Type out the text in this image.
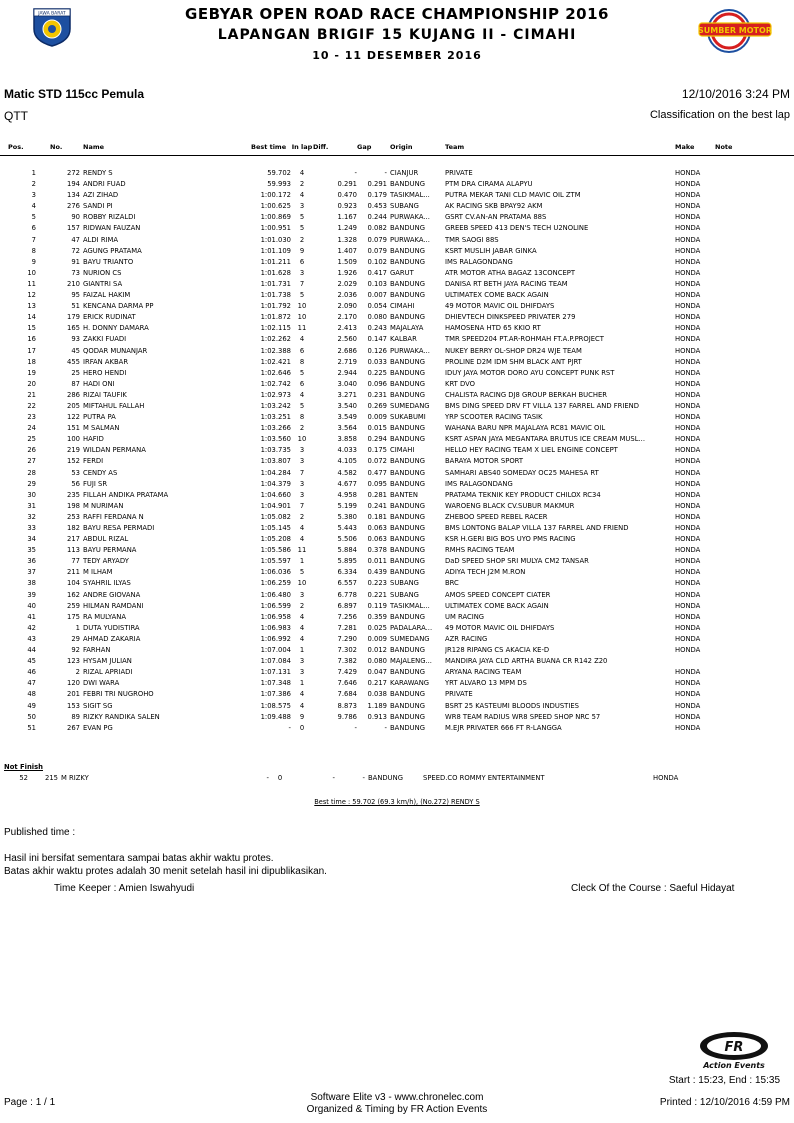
JAWA BARAT	GEBYAR OPEN ROAD RACE CHAMPIONSHIP 2016
LAPANGAN BRIGIF 15 KUJANG II - CIMAHI
10 - 11 DESEMBER 2016
SUMBER MOTOR
Matic STD 115cc Pemula	12/10/2016 3:24 PM
QTT	Classification on the best lap
Pos.	No.	Name	Best time	In lap	Diff.	Gap	Origin	Team	Make	Note

1	272	RENDY S	59.702	4	-	-	CIANJUR	PRIVATE	HONDA	
2	194	ANDRI FUAD	59.993	2	0.291	0.291	BANDUNG	PTM DRA CIRAMA ALAPYU	HONDA	
3	134	AZI ZIHAD	1:00.172	4	0.470	0.179	TASIKMAL...	PUTRA MEKAR TANI CLD MAVIC OIL ZTM	HONDA	
4	276	SANDI PI	1:00.625	3	0.923	0.453	SUBANG	AK RACING SKB BPAY92 AKM	HONDA	
5	90	ROBBY RIZALDI	1:00.869	5	1.167	0.244	PURWAKA...	GSRT CV.AN-AN PRATAMA 88S	HONDA	
6	157	RIDWAN FAUZAN	1:00.951	5	1.249	0.082	BANDUNG	GREEB SPEED 413 DEN'S TECH U2NOLINE	HONDA	
7	47	ALDI RIMA	1:01.030	2	1.328	0.079	PURWAKA...	TMR SAOGI 88S	HONDA	
8	72	AGUNG PRATAMA	1:01.109	9	1.407	0.079	BANDUNG	KSRT MUSLIH JABAR GINKA	HONDA	
9	91	BAYU TRIANTO	1:01.211	6	1.509	0.102	BANDUNG	IMS RALAGONDANG	HONDA	
10	73	NURION CS	1:01.628	3	1.926	0.417	GARUT	ATR MOTOR ATHA BAGAZ 13CONCEPT	HONDA	
11	210	GIANTRI SA	1:01.731	7	2.029	0.103	BANDUNG	DANISA RT BETH JAYA RACING TEAM	HONDA	
12	95	FAIZAL HAKIM	1:01.738	5	2.036	0.007	BANDUNG	ULTIMATEX COME BACK AGAIN	HONDA	
13	51	KENCANA DARMA PP	1:01.792	10	2.090	0.054	CIMAHI	49 MOTOR MAVIC OIL DHIFDAYS	HONDA	
14	179	ERICK RUDINAT	1:01.872	10	2.170	0.080	BANDUNG	DHIEVTECH DINKSPEED PRIVATER 279	HONDA	
15	165	H. DONNY DAMARA	1:02.115	11	2.413	0.243	MAJALAYA	HAMOSENA HTD 65 KKIO RT	HONDA	
16	93	ZAKKI FUADI	1:02.262	4	2.560	0.147	KALBAR	TMR SPEED204 PT.AR-ROHMAH FT.A.P.PROJECT	HONDA	
17	45	QODAR MUNANJAR	1:02.388	6	2.686	0.126	PURWAKA...	NUKEY BERRY OL-SHOP DR24 WJE TEAM	HONDA	
18	455	IRFAN AKBAR	1:02.421	8	2.719	0.033	BANDUNG	PROLINE D2M IDM SHM BLACK ANT PJRT	HONDA	
19	25	HERO HENDI	1:02.646	5	2.944	0.225	BANDUNG	IDUY JAYA MOTOR DORO AYU CONCEPT PUNK RST	HONDA	
20	87	HADI ONI	1:02.742	6	3.040	0.096	BANDUNG	KRT DVO	HONDA	
21	286	RIZAI TAUFIK	1:02.973	4	3.271	0.231	BANDUNG	CHALISTA RACING DJ8 GROUP BERKAH BUCHER	HONDA	
22	205	MIFTAHUL FALLAH	1:03.242	5	3.540	0.269	SUMEDANG	BMS DING SPEED DRV FT VILLA 137 FARREL AND FRIEND	HONDA	
23	122	PUTRA PA	1:03.251	8	3.549	0.009	SUKABUMI	YRP SCOOTER RACING TASIK	HONDA	
24	151	M SALMAN	1:03.266	2	3.564	0.015	BANDUNG	WAHANA BARU NPR MAJALAYA RC81 MAVIC OIL	HONDA	
25	100	HAFID	1:03.560	10	3.858	0.294	BANDUNG	KSRT ASPAN JAYA MEGANTARA BRUTUS ICE CREAM MUSL...	HONDA	
26	219	WILDAN PERMANA	1:03.735	3	4.033	0.175	CIMAHI	HELLO HEY RACING TEAM X LIEL ENGINE CONCEPT	HONDA	
27	152	FERDI	1:03.807	3	4.105	0.072	BANDUNG	BARAYA MOTOR SPORT	HONDA	
28	53	CENDY AS	1:04.284	7	4.582	0.477	BANDUNG	SAMHARI ABS40 SOMEDAY OC25 MAHESA RT	HONDA	
29	56	FUJI SR	1:04.379	3	4.677	0.095	BANDUNG	IMS RALAGONDANG	HONDA	
30	235	FILLAH ANDIKA PRATAMA	1:04.660	3	4.958	0.281	BANTEN	PRATAMA TEKNIK KEY PRODUCT CHILOX RC34	HONDA	
31	198	M NURIMAN	1:04.901	7	5.199	0.241	BANDUNG	WAROENG BLACK CV.SUBUR MAKMUR	HONDA	
32	253	RAFFI FERDANA N	1:05.082	2	5.380	0.181	BANDUNG	ZHEBOO SPEED REBEL RACER	HONDA	
33	182	BAYU RESA PERMADI	1:05.145	4	5.443	0.063	BANDUNG	BMS LONTONG BALAP VILLA 137 FARREL AND FRIEND	HONDA	
34	217	ABDUL RIZAL	1:05.208	4	5.506	0.063	BANDUNG	KSR H.GERI BIG BOS UYO PMS RACING	HONDA	
35	113	BAYU PERMANA	1:05.586	11	5.884	0.378	BANDUNG	RMHS RACING TEAM	HONDA	
36	77	TEDY ARYADY	1:05.597	1	5.895	0.011	BANDUNG	DaD SPEED SHOP SRI MULYA CM2 TANSAR	HONDA	
37	211	M ILHAM	1:06.036	5	6.334	0.439	BANDUNG	ADIYA TECH J2M M.RON	HONDA	
38	104	SYAHRIL ILYAS	1:06.259	10	6.557	0.223	SUBANG	BRC	HONDA	
39	162	ANDRE GIOVANA	1:06.480	3	6.778	0.221	SUBANG	AMOS SPEED CONCEPT CIATER	HONDA	
40	259	HILMAN RAMDANI	1:06.599	2	6.897	0.119	TASIKMAL...	ULTIMATEX COME BACK AGAIN	HONDA	
41	175	RA MULYANA	1:06.958	4	7.256	0.359	BANDUNG	UM RACING	HONDA	
42	1	DUTA YUDISTIRA	1:06.983	4	7.281	0.025	PADALARA...	49 MOTOR MAVIC OIL DHIFDAYS	HONDA	
43	29	AHMAD ZAKARIA	1:06.992	4	7.290	0.009	SUMEDANG	AZR RACING	HONDA	
44	92	FARHAN	1:07.004	1	7.302	0.012	BANDUNG	JR128 RIPANG CS AKACIA KE-D	HONDA	
45	123	HYSAM JULIAN	1:07.084	3	7.382	0.080	MAJALENG...	MANDIRA JAYA CLD ARTHA BUANA CR R142 Z20		
46	2	RIZAL APRIADI	1:07.131	3	7.429	0.047	BANDUNG	ARYANA RACING TEAM	HONDA	
47	120	DWI WARA	1:07.348	1	7.646	0.217	KARAWANG	YRT ALVARO 13 MPM DS	HONDA	
48	201	FEBRI TRI NUGROHO	1:07.386	4	7.684	0.038	BANDUNG	PRIVATE	HONDA	
49	153	SIGIT SG	1:08.575	4	8.873	1.189	BANDUNG	BSRT 25 KASTEUMI BLOODS INDUSTIES	HONDA	
50	89	RIZKY RANDIKA SALEN	1:09.488	9	9.786	0.913	BANDUNG	WR8 TEAM RADIUS WR8 SPEED SHOP NRC 57	HONDA	
51	267	EVAN PG	-	0	-	-	BANDUNG	M.EJR PRIVATER 666 FT R-LANGGA	HONDA	
Not Finish
52	215	M RIZKY	-	0	-	-	BANDUNG	SPEED.CO ROMMY ENTERTAINMENT	HONDA	
Best time : 59.702 (69.3 km/h), (No.272) RENDY S
Published time :
Hasil ini bersifat sementara sampai batas akhir waktu protes.
Batas akhir waktu protes adalah 30 menit setelah hasil ini dipublikasikan.
Time Keeper : Amien Iswahyudi	Cleck Of the Course : Saeful Hidayat
FR
Action Events
Start : 15:23, End : 15:35
Page : 1 / 1	Software Elite v3 - www.chronelec.com
Organized & Timing by FR Action Events
Printed : 12/10/2016 4:59 PM
